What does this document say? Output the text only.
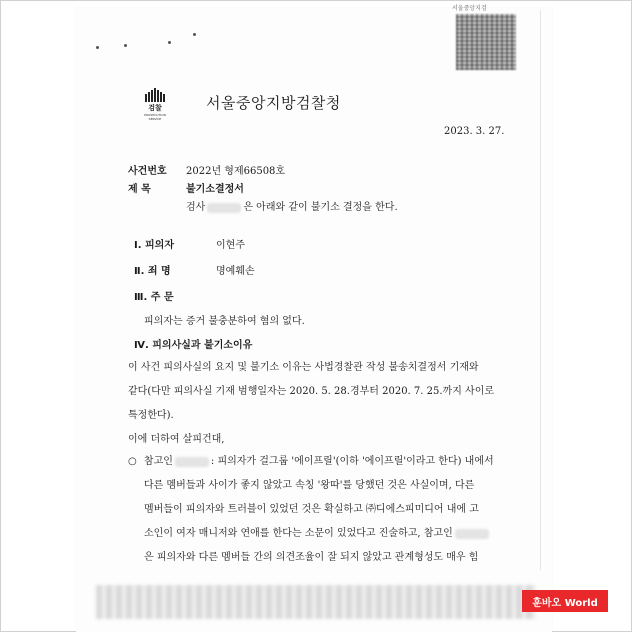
서울중앙지검
검찰
PROSECUTION SERVICE
서울중앙지방검찰청
2023. 3. 27.
사건번호 2022년 형제66508호
제 목	불기소결정서
검사	은 아래와 같이 불기소 결정을 한다.
Ⅰ. 피의자	이현주
Ⅱ. 죄 명	명예훼손
Ⅲ. 주 문
피의자는 증거 불충분하여 혐의 없다.
Ⅳ. 피의사실과 불기소이유
이 사건 피의사실의 요지 및 불기소 이유는 사법경찰관 작성 불송치결정서 기재와
같다(다만 피의사실 기재 범행일자는 2020. 5. 28.경부터 2020. 7. 25.까지 사이로
특정한다).
이에 더하여 살피건대,
○ 참고인	: 피의자가 걸그룹 '에이프릴'(이하 '에이프릴'이라고 한다) 내에서
다른 멤버들과 사이가 좋지 않았고 속칭 '왕따'를 당했던 것은 사실이며, 다른
멤버들이 피의자와 트러블이 있었던 것은 확실하고 ㈜디에스피미디어 내에 고
소인이 여자 매니저와 연애를 한다는 소문이 있었다고 진술하고, 참고인
은 피의자와 다른 멤버들 간의 의견조율이 잘 되지 않았고 관계형성도 매우 힘
훈바오 World
